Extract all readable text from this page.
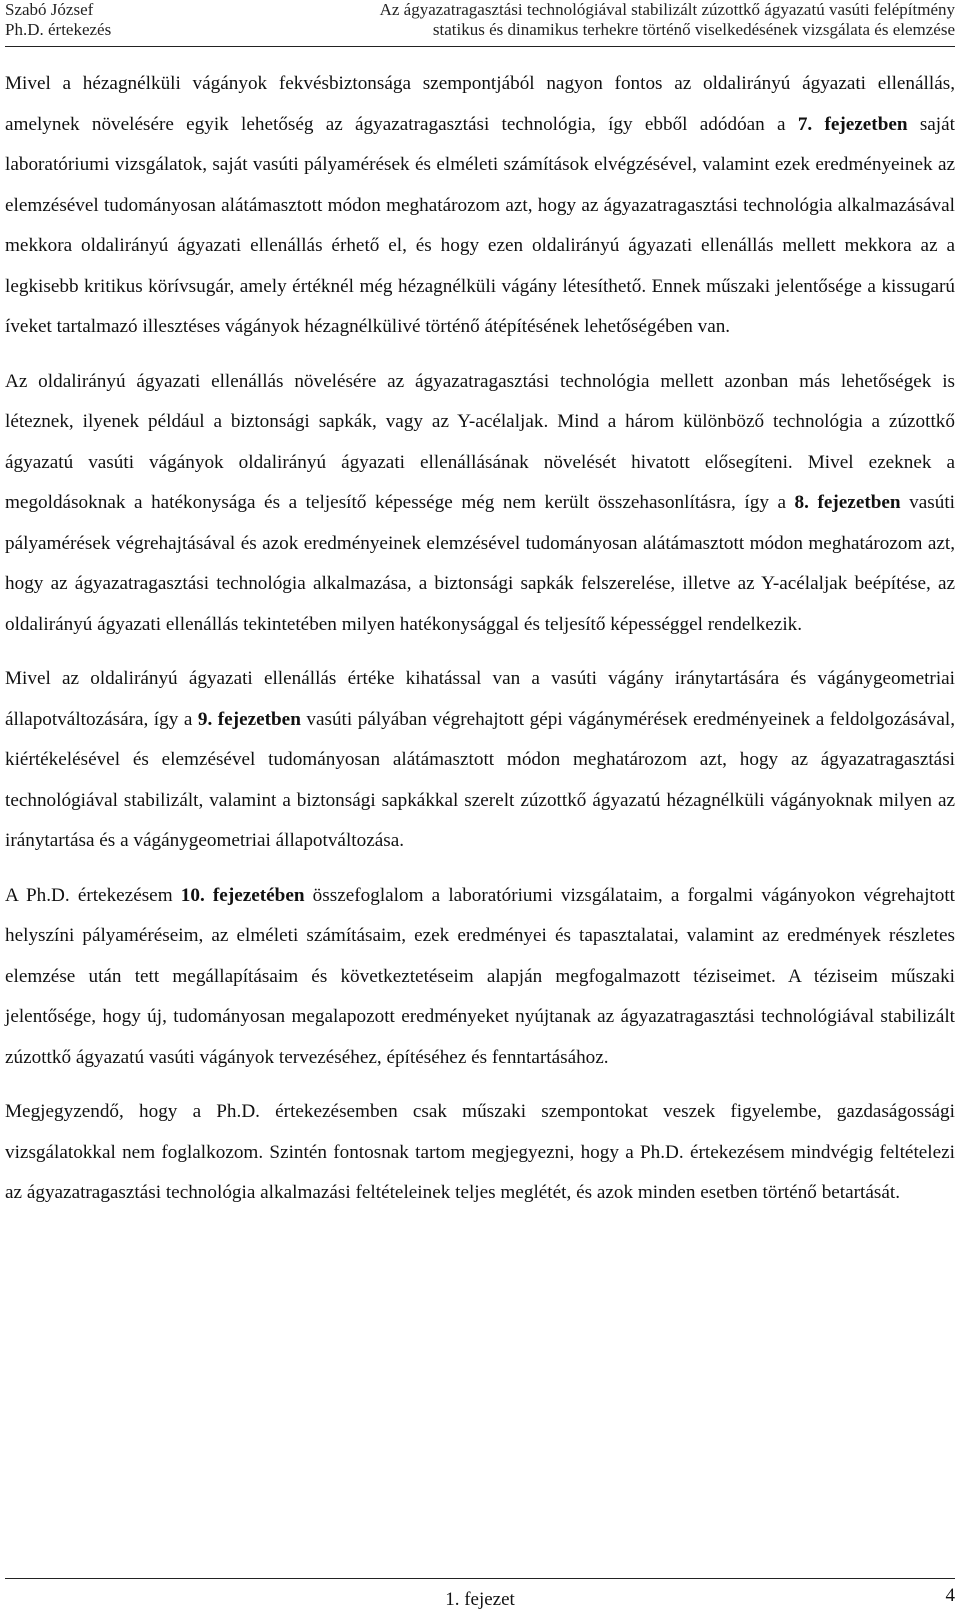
Szabó József
Ph.D. értekezés
Az ágyazatragasztási technológiával stabilizált zúzottkő ágyazatú vasúti felépítmény
statikus és dinamikus terhekre történő viselkedésének vizsgálata és elemzése

Mivel a hézagnélküli vágányok fekvésbiztonsága szempontjából nagyon fontos az oldalirányú ágyazati ellenállás, amelynek növelésére egyik lehetőség az ágyazatragasztási technológia, így ebből adódóan a 7. fejezetben saját laboratóriumi vizsgálatok, saját vasúti pályamérések és elméleti számítások elvégzésével, valamint ezek eredményeinek az elemzésével tudományosan alátámasztott módon meghatározom azt, hogy az ágyazatragasztási technológia alkalmazásával mekkora oldalirányú ágyazati ellenállás érhető el, és hogy ezen oldalirányú ágyazati ellenállás mellett mekkora az a legkisebb kritikus körívsugár, amely értéknél még hézagnélküli vágány létesíthető. Ennek műszaki jelentősége a kissugarú íveket tartalmazó illesztéses vágányok hézagnélkülivé történő átépítésének lehetőségében van.

Az oldalirányú ágyazati ellenállás növelésére az ágyazatragasztási technológia mellett azonban más lehetőségek is léteznek, ilyenek például a biztonsági sapkák, vagy az Y-acélaljak. Mind a három különböző technológia a zúzottkő ágyazatú vasúti vágányok oldalirányú ágyazati ellenállásának növelését hivatott elősegíteni. Mivel ezeknek a megoldásoknak a hatékonysága és a teljesítő képessége még nem került összehasonlításra, így a 8. fejezetben vasúti pályamérések végrehajtásával és azok eredményeinek elemzésével tudományosan alátámasztott módon meghatározom azt, hogy az ágyazatragasztási technológia alkalmazása, a biztonsági sapkák felszerelése, illetve az Y-acélaljak beépítése, az oldalirányú ágyazati ellenállás tekintetében milyen hatékonysággal és teljesítő képességgel rendelkezik.

Mivel az oldalirányú ágyazati ellenállás értéke kihatással van a vasúti vágány iránytartására és vágánygeometriai állapotváltozására, így a 9. fejezetben vasúti pályában végrehajtott gépi vágánymérések eredményeinek a feldolgozásával, kiértékelésével és elemzésével tudományosan alátámasztott módon meghatározom azt, hogy az ágyazatragasztási technológiával stabilizált, valamint a biztonsági sapkákkal szerelt zúzottkő ágyazatú hézagnélküli vágányoknak milyen az iránytartása és a vágánygeometriai állapotváltozása.

A Ph.D. értekezésem 10. fejezetében összefoglalom a laboratóriumi vizsgálataim, a forgalmi vágányokon végrehajtott helyszíni pályaméréseim, az elméleti számításaim, ezek eredményei és tapasztalatai, valamint az eredmények részletes elemzése után tett megállapításaim és következtetéseim alapján megfogalmazott téziseimet. A téziseim műszaki jelentősége, hogy új, tudományosan megalapozott eredményeket nyújtanak az ágyazatragasztási technológiával stabilizált zúzottkő ágyazatú vasúti vágányok tervezéséhez, építéséhez és fenntartásához.

Megjegyzendő, hogy a Ph.D. értekezésemben csak műszaki szempontokat veszek figyelembe, gazdaságossági vizsgálatokkal nem foglalkozom. Szintén fontosnak tartom megjegyezni, hogy a Ph.D. értekezésem mindvégig feltételezi az ágyazatragasztási technológia alkalmazási feltételeinek teljes meglétét, és azok minden esetben történő betartását.

1. fejezet	4
